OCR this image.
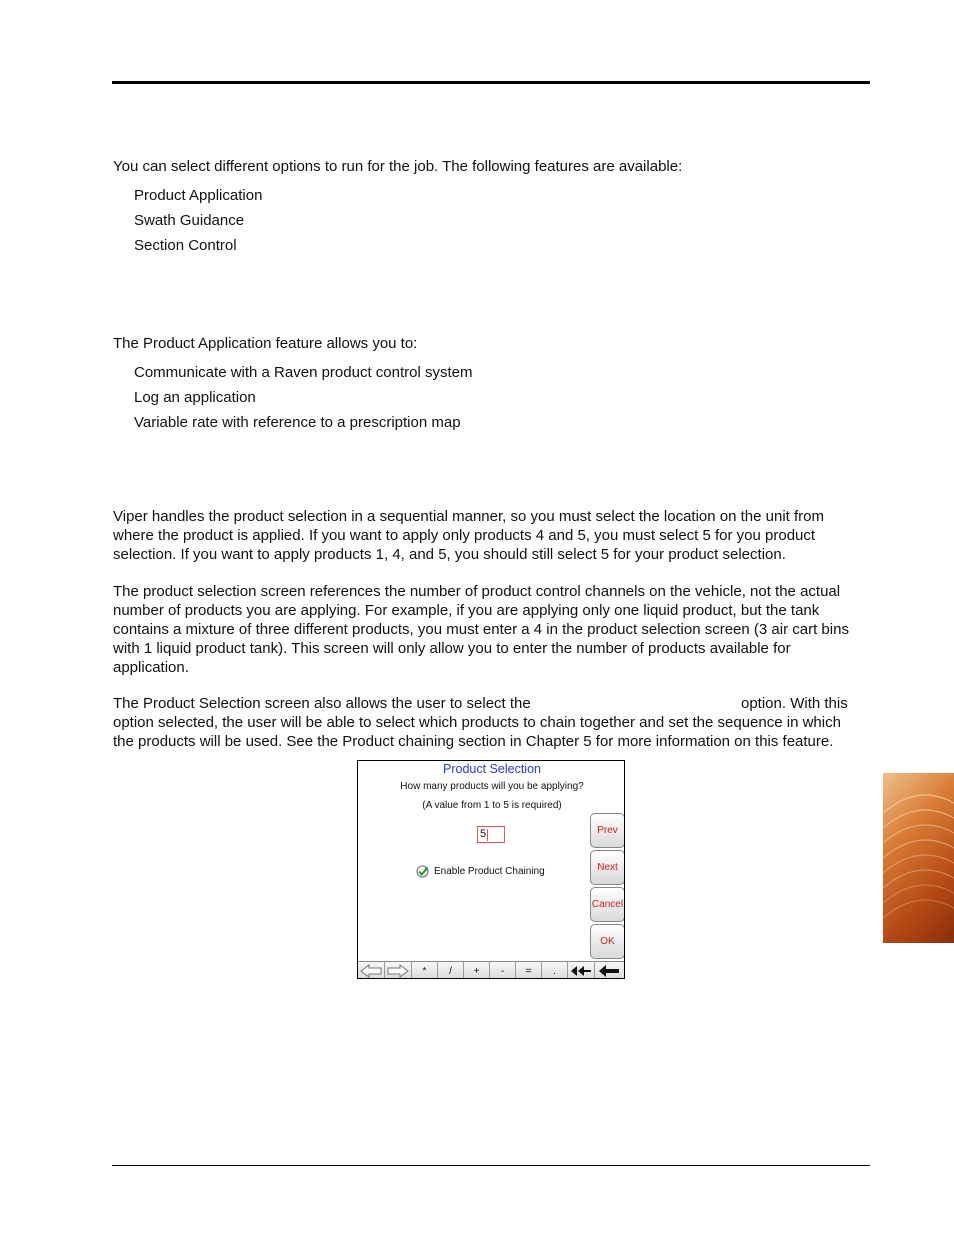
You can select different options to run for the job. The following features are available:

Product Application

Swath Guidance

Section Control

The Product Application feature allows you to:

Communicate with a Raven product control system

Log an application

Variable rate with reference to a prescription map

Viper handles the product selection in a sequential manner, so you must select the location on the unit from

where the product is applied. If you want to apply only products 4 and 5, you must select 5 for you product

selection. If you want to apply products 1, 4, and 5, you should still select 5 for your product selection.

The product selection screen references the number of product control channels on the vehicle, not the actual

number of products you are applying. For example, if you are applying only one liquid product, but the tank

contains a mixture of three different products, you must enter a 4 in the product selection screen (3 air cart bins

with 1 liquid product tank). This screen will only allow you to enter the number of products available for

application.

The Product Selection screen also allows the user to select the	option. With this

option selected, the user will be able to select which products to chain together and set the sequence in which

the products will be used. See the Product chaining section in Chapter 5 for more information on this feature.

Product Selection
How many products will you be applying?
(A value from 1 to 5 is required)
5
Enable Product Chaining
Prev
Next
Cancel
OK
*	/	+	-	=	.
